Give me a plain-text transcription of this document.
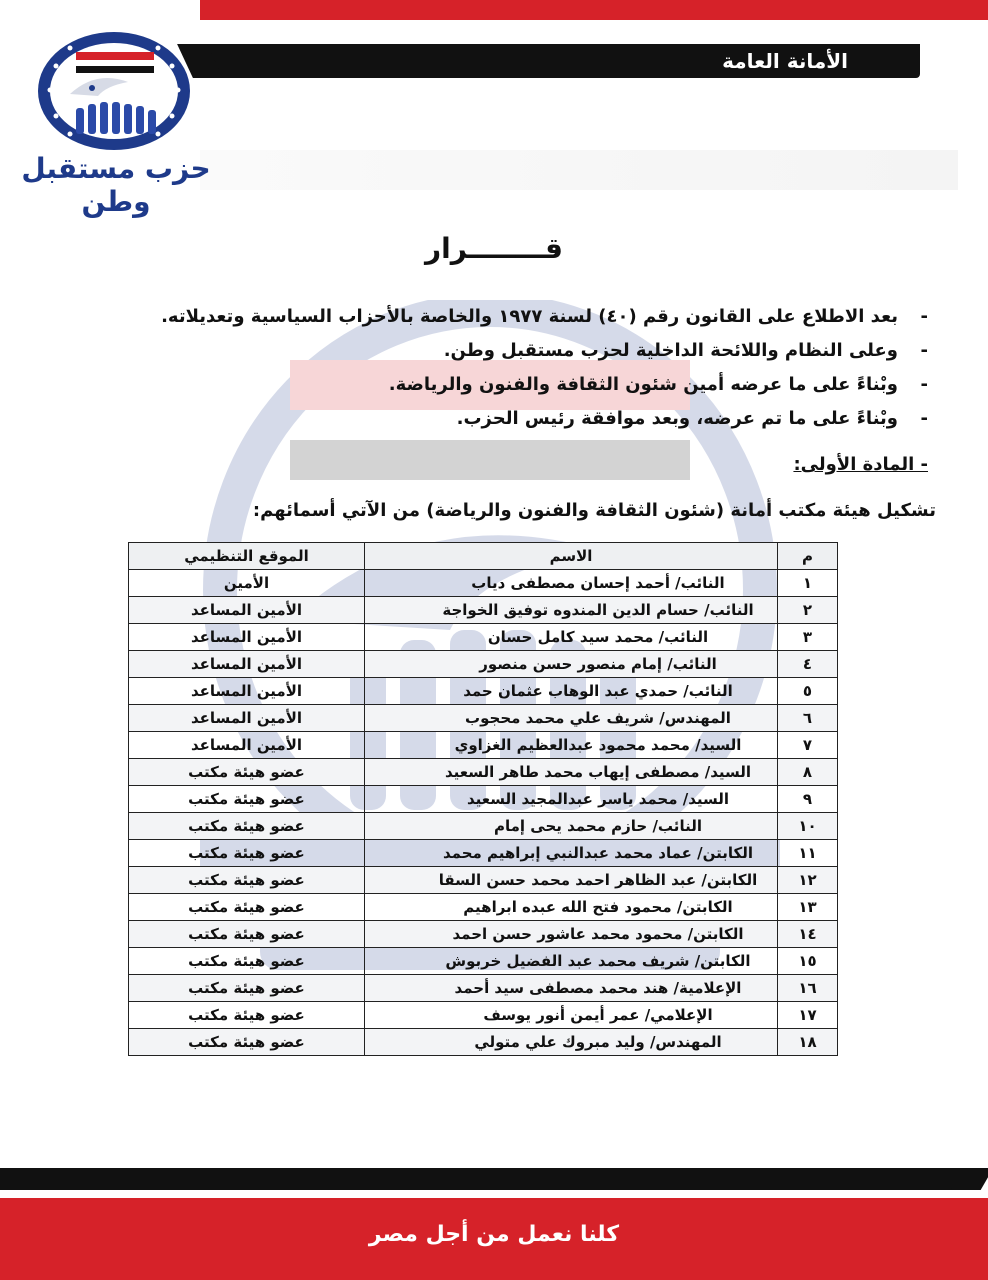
الأمانة العامة
حزب مستقبل وطن
قــــــــرار
-
بعد الاطلاع على القانون رقم (٤٠) لسنة ١٩٧٧ والخاصة بالأحزاب السياسية وتعديلاته.
-
وعلى النظام واللائحة الداخلية لحزب مستقبل وطن.
-
وبْناءً على ما عرضه أمين شئون الثقافة والفنون والرياضة.
-
وبْناءً على ما تم عرضه، وبعد موافقة رئيس الحزب.
- المادة الأولى:
تشكيل هيئة مكتب أمانة (شئون الثقافة والفنون والرياضة) من الآتي أسمائهم:
م	الاسم	الموقع التنظيمي
١	النائب/ أحمد إحسان مصطفى دياب	الأمين
٢	النائب/ حسام الدين المندوه توفيق الخواجة	الأمين المساعد
٣	النائب/ محمد سيد كامل حسان	الأمين المساعد
٤	النائب/ إمام منصور حسن منصور	الأمين المساعد
٥	النائب/ حمدي عبد الوهاب عثمان حمد	الأمين المساعد
٦	المهندس/ شريف علي محمد محجوب	الأمين المساعد
٧	السيد/ محمد محمود عبدالعظيم الغزاوي	الأمين المساعد
٨	السيد/ مصطفى إيهاب محمد طاهر السعيد	عضو هيئة مكتب
٩	السيد/ محمد ياسر عبدالمجيد السعيد	عضو هيئة مكتب
١٠	النائب/ حازم محمد يحى إمام	عضو هيئة مكتب
١١	الكابتن/ عماد محمد عبدالنبي إبراهيم محمد	عضو هيئة مكتب
١٢	الكابتن/ عبد الظاهر احمد محمد حسن السقا	عضو هيئة مكتب
١٣	الكابتن/ محمود فتح الله عبده ابراهيم	عضو هيئة مكتب
١٤	الكابتن/ محمود محمد عاشور حسن احمد	عضو هيئة مكتب
١٥	الكابتن/ شريف محمد عبد الفضيل خربوش	عضو هيئة مكتب
١٦	الإعلامية/ هند محمد مصطفى سيد أحمد	عضو هيئة مكتب
١٧	الإعلامي/ عمر أيمن أنور يوسف	عضو هيئة مكتب
١٨	المهندس/ وليد مبروك علي متولي	عضو هيئة مكتب
كلنا نعمل من أجل مصر
